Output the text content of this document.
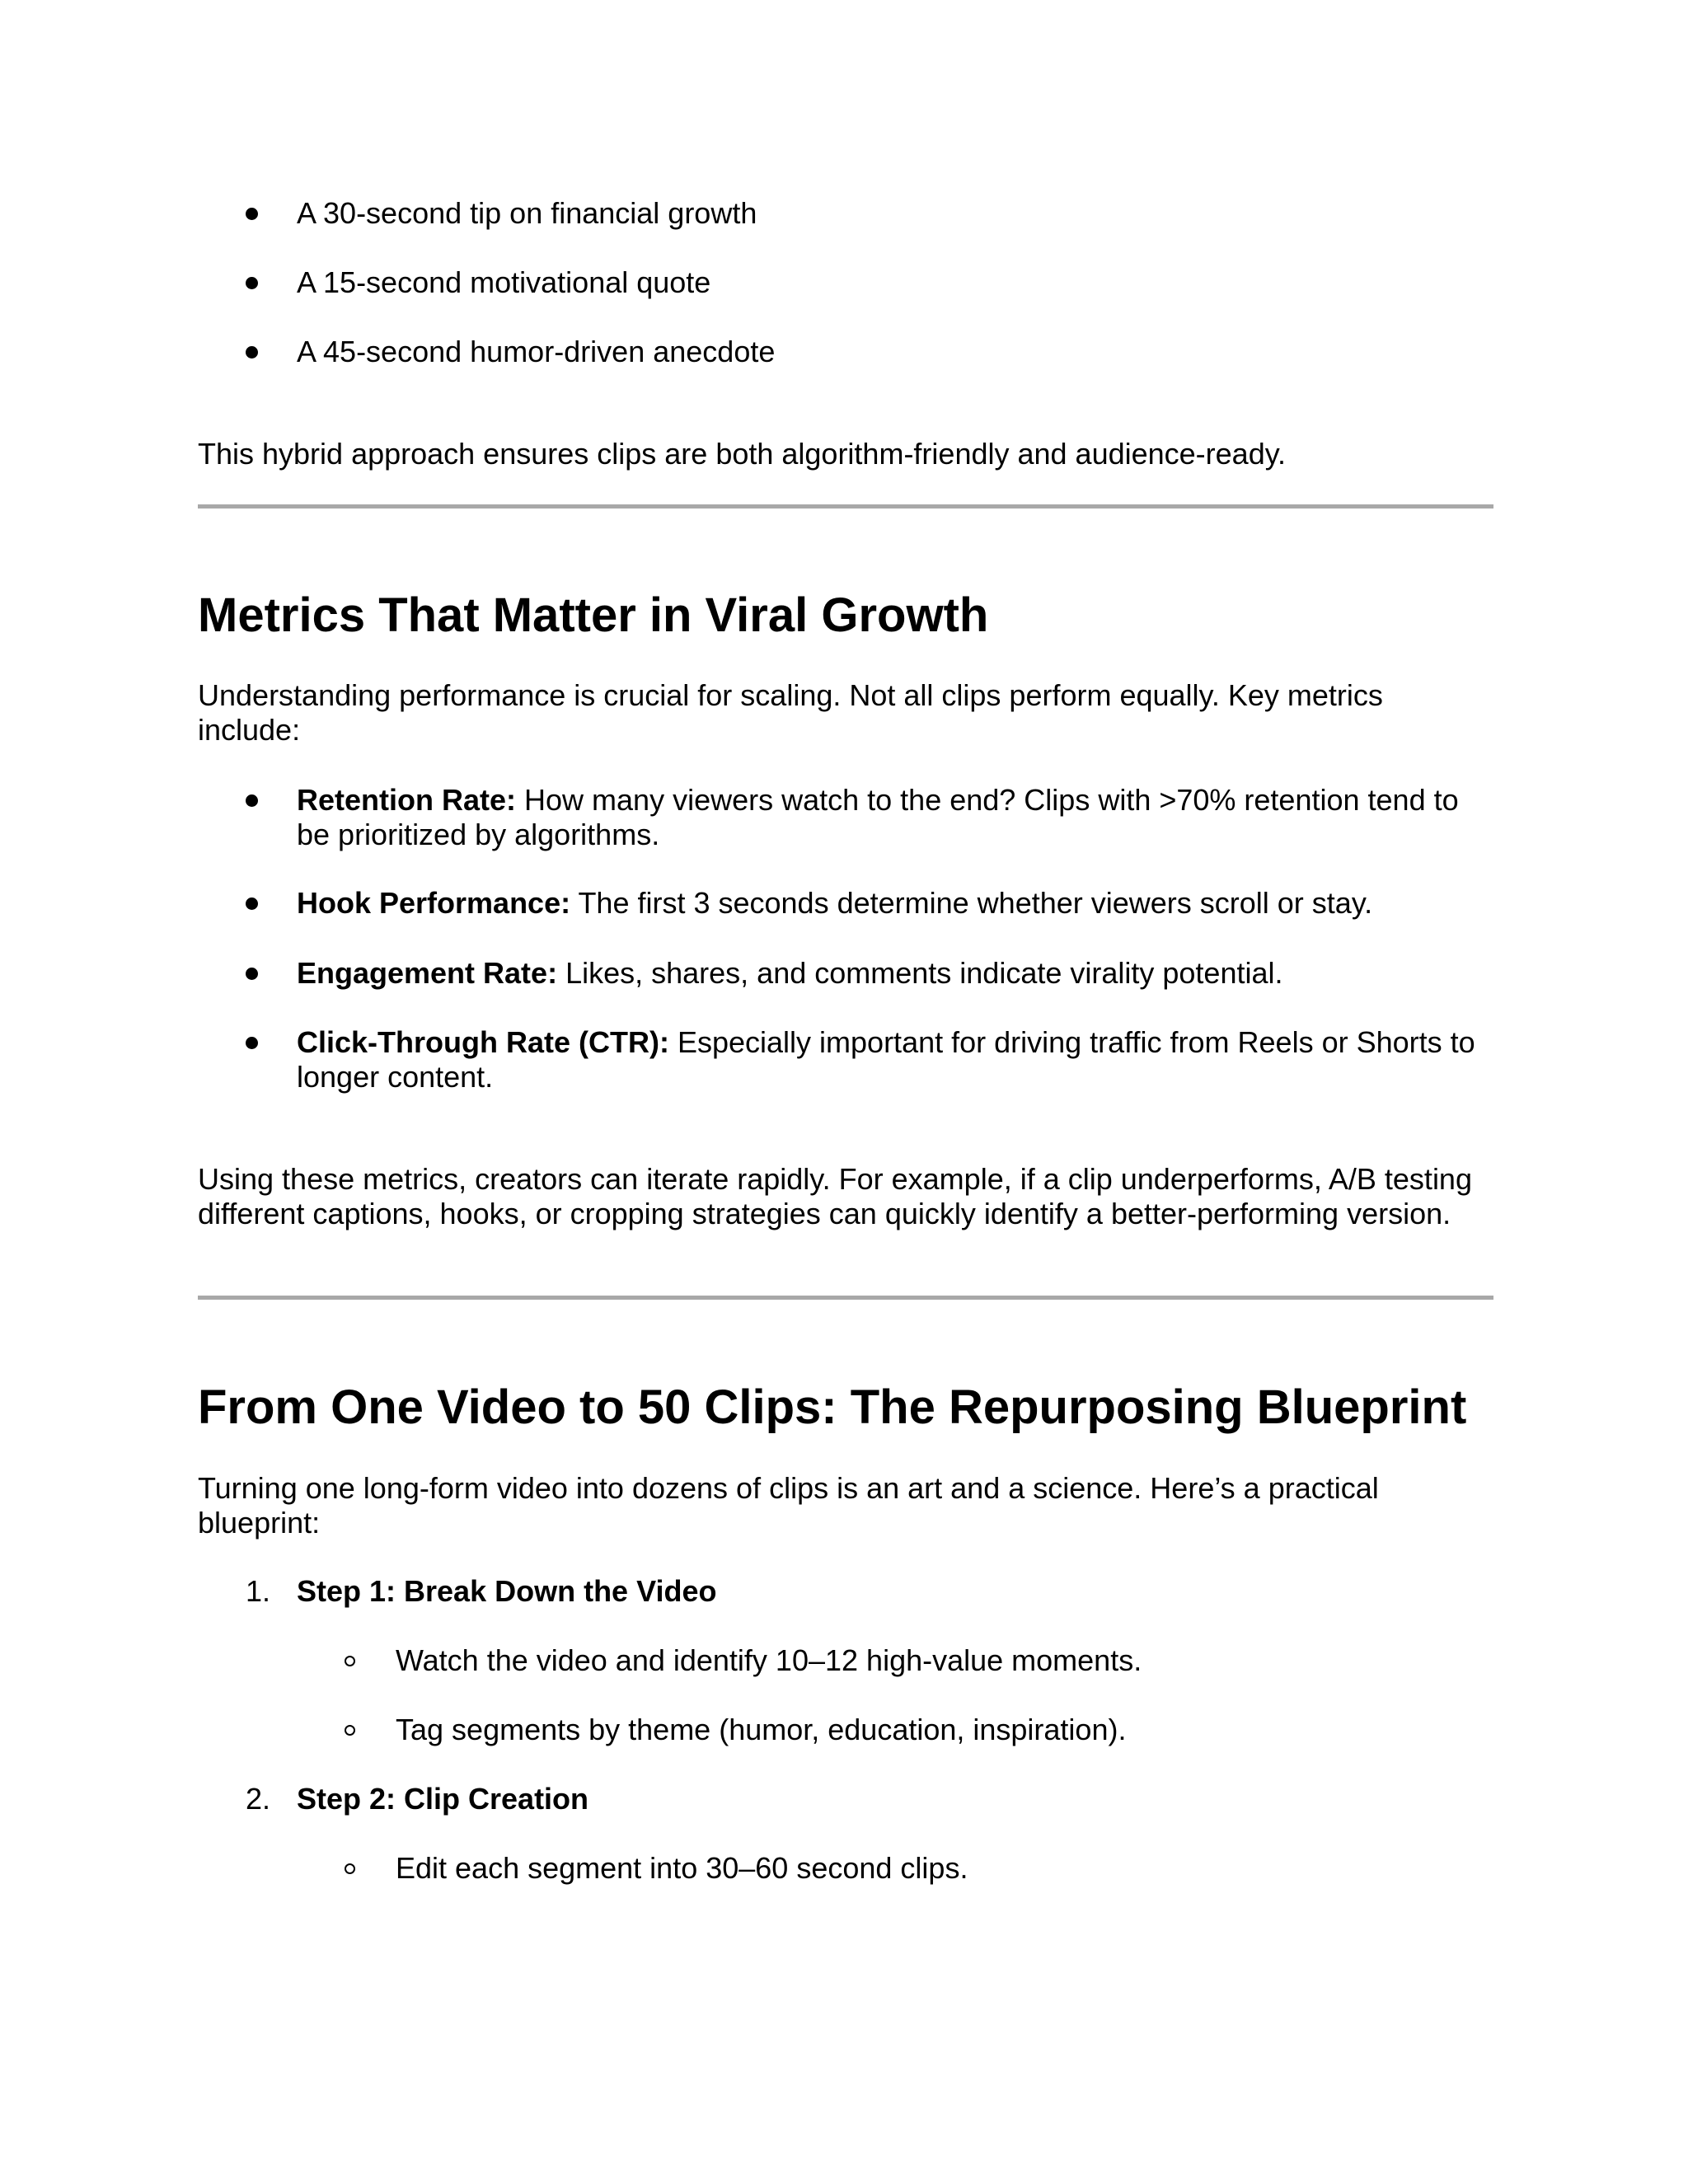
A 30-second tip on financial growth
A 15-second motivational quote
A 45-second humor-driven anecdote

This hybrid approach ensures clips are both algorithm-friendly and audience-ready.

Metrics That Matter in Viral Growth

Understanding performance is crucial for scaling. Not all clips perform equally. Key metrics include:

Retention Rate: How many viewers watch to the end? Clips with >70% retention tend to be prioritized by algorithms.
Hook Performance: The first 3 seconds determine whether viewers scroll or stay.
Engagement Rate: Likes, shares, and comments indicate virality potential.
Click-Through Rate (CTR): Especially important for driving traffic from Reels or Shorts to longer content.

Using these metrics, creators can iterate rapidly. For example, if a clip underperforms, A/B testing different captions, hooks, or cropping strategies can quickly identify a better-performing version.

From One Video to 50 Clips: The Repurposing Blueprint

Turning one long-form video into dozens of clips is an art and a science. Here’s a practical blueprint:

1. Step 1: Break Down the Video
Watch the video and identify 10–12 high-value moments.
Tag segments by theme (humor, education, inspiration).
2. Step 2: Clip Creation
Edit each segment into 30–60 second clips.
